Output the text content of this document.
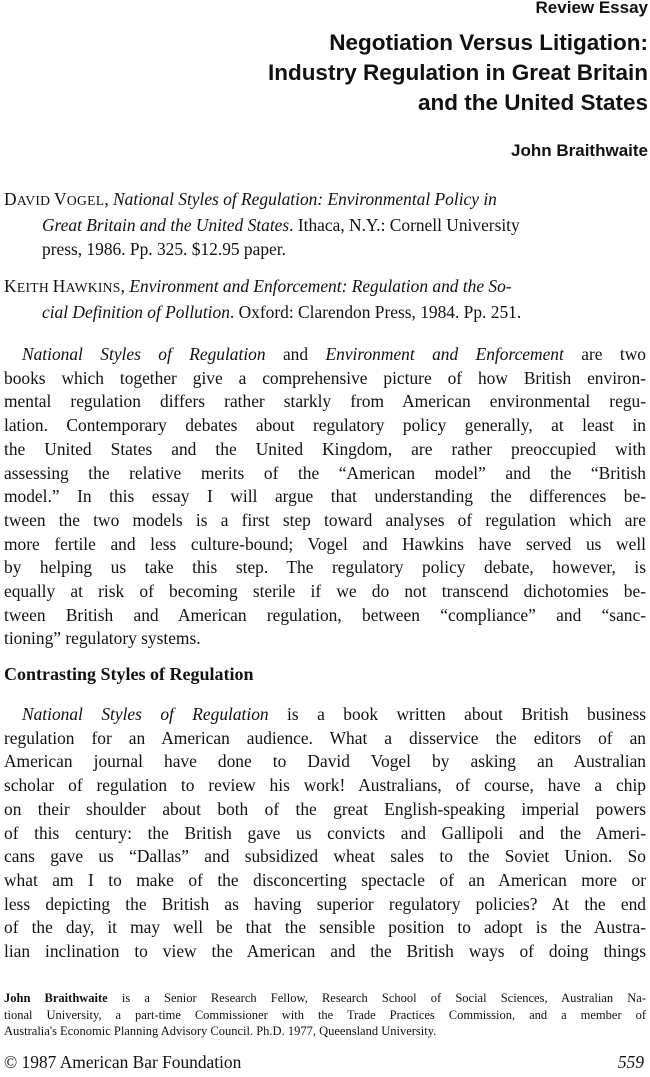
Review Essay
Negotiation Versus Litigation:
Industry Regulation in Great Britain
and the United States
John Braithwaite
DAVID VOGEL, National Styles of Regulation: Environmental Policy in
Great Britain and the United States. Ithaca, N.Y.: Cornell University
press, 1986. Pp. 325. $12.95 paper.
KEITH HAWKINS, Environment and Enforcement: Regulation and the So-
cial Definition of Pollution. Oxford: Clarendon Press, 1984. Pp. 251.
National Styles of Regulation and Environment and Enforcement are two
books which together give a comprehensive picture of how British environ-
mental regulation differs rather starkly from American environmental regu-
lation. Contemporary debates about regulatory policy generally, at least in
the United States and the United Kingdom, are rather preoccupied with
assessing the relative merits of the “American model” and the “British
model.” In this essay I will argue that understanding the differences be-
tween the two models is a first step toward analyses of regulation which are
more fertile and less culture-bound; Vogel and Hawkins have served us well
by helping us take this step. The regulatory policy debate, however, is
equally at risk of becoming sterile if we do not transcend dichotomies be-
tween British and American regulation, between “compliance” and “sanc-
tioning” regulatory systems.
Contrasting Styles of Regulation
National Styles of Regulation is a book written about British business
regulation for an American audience. What a disservice the editors of an
American journal have done to David Vogel by asking an Australian
scholar of regulation to review his work! Australians, of course, have a chip
on their shoulder about both of the great English-speaking imperial powers
of this century: the British gave us convicts and Gallipoli and the Ameri-
cans gave us “Dallas” and subsidized wheat sales to the Soviet Union. So
what am I to make of the disconcerting spectacle of an American more or
less depicting the British as having superior regulatory policies? At the end
of the day, it may well be that the sensible position to adopt is the Austra-
lian inclination to view the American and the British ways of doing things
John Braithwaite is a Senior Research Fellow, Research School of Social Sciences, Australian Na-
tional University, a part-time Commissioner with the Trade Practices Commission, and a member of
Australia's Economic Planning Advisory Council. Ph.D. 1977, Queensland University.
© 1987 American Bar Foundation	559
